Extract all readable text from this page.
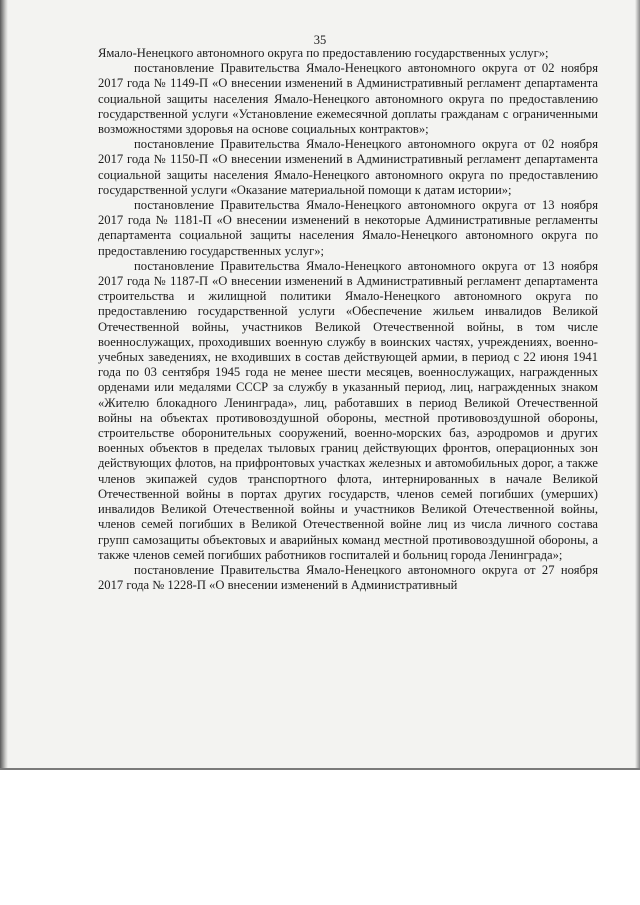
35

Ямало-Ненецкого автономного округа по предоставлению государственных услуг»;

постановление Правительства Ямало-Ненецкого автономного округа от 02 ноября 2017 года № 1149-П «О внесении изменений в Административный регламент департамента социальной защиты населения Ямало-Ненецкого автономного округа по предоставлению государственной услуги «Установление ежемесячной доплаты гражданам с ограниченными возможностями здоровья на основе социальных контрактов»;

постановление Правительства Ямало-Ненецкого автономного округа от 02 ноября 2017 года № 1150-П «О внесении изменений в Административный регламент департамента социальной защиты населения Ямало-Ненецкого автономного округа по предоставлению государственной услуги «Оказание материальной помощи к датам истории»;

постановление Правительства Ямало-Ненецкого автономного округа от 13 ноября 2017 года № 1181-П «О внесении изменений в некоторые Административные регламенты департамента социальной защиты населения Ямало-Ненецкого автономного округа по предоставлению государственных услуг»;

постановление Правительства Ямало-Ненецкого автономного округа от 13 ноября 2017 года № 1187-П «О внесении изменений в Административный регламент департамента строительства и жилищной политики Ямало-Ненецкого автономного округа по предоставлению государственной услуги «Обеспечение жильем инвалидов Великой Отечественной войны, участников Великой Отечественной войны, в том числе военнослужащих, проходивших военную службу в воинских частях, учреждениях, военно-учебных заведениях, не входивших в состав действующей армии, в период с 22 июня 1941 года по 03 сентября 1945 года не менее шести месяцев, военнослужащих, награжденных орденами или медалями СССР за службу в указанный период, лиц, награжденных знаком «Жителю блокадного Ленинграда», лиц, работавших в период Великой Отечественной войны на объектах противовоздушной обороны, местной противовоздушной обороны, строительстве оборонительных сооружений, военно-морских баз, аэродромов и других военных объектов в пределах тыловых границ действующих фронтов, операционных зон действующих флотов, на прифронтовых участках железных и автомобильных дорог, а также членов экипажей судов транспортного флота, интернированных в начале Великой Отечественной войны в портах других государств, членов семей погибших (умерших) инвалидов Великой Отечественной войны и участников Великой Отечественной войны, членов семей погибших в Великой Отечественной войне лиц из числа личного состава групп самозащиты объектовых и аварийных команд местной противовоздушной обороны, а также членов семей погибших работников госпиталей и больниц города Ленинграда»;

постановление Правительства Ямало-Ненецкого автономного округа от 27 ноября 2017 года № 1228-П «О внесении изменений в Административный
